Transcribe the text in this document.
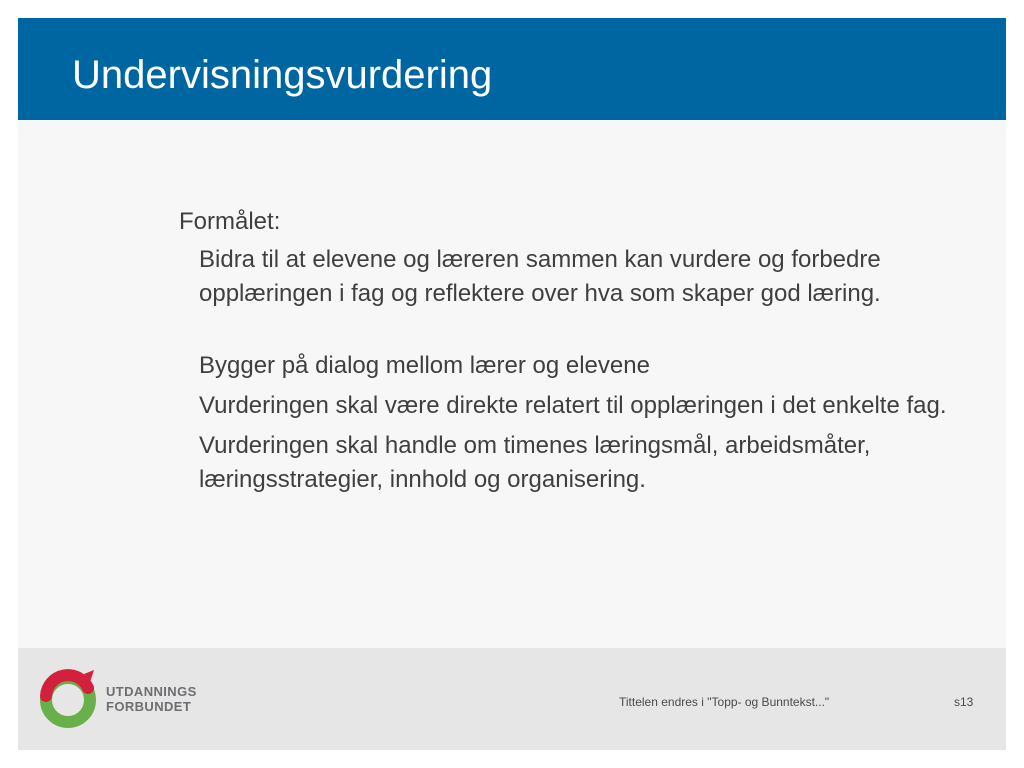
Undervisningsvurdering
Formålet:
Bidra til at elevene og læreren sammen kan vurdere og forbedre opplæringen i fag og reflektere over hva som skaper god læring.
Bygger på dialog mellom lærer og elevene
Vurderingen skal være direkte relatert til opplæringen i det enkelte fag.
Vurderingen skal handle om timenes læringsmål, arbeidsmåter, læringsstrategier, innhold og organisering.
UTDANNINGS
FORBUNDET	Tittelen endres i "Topp- og Bunntekst..."	s13
